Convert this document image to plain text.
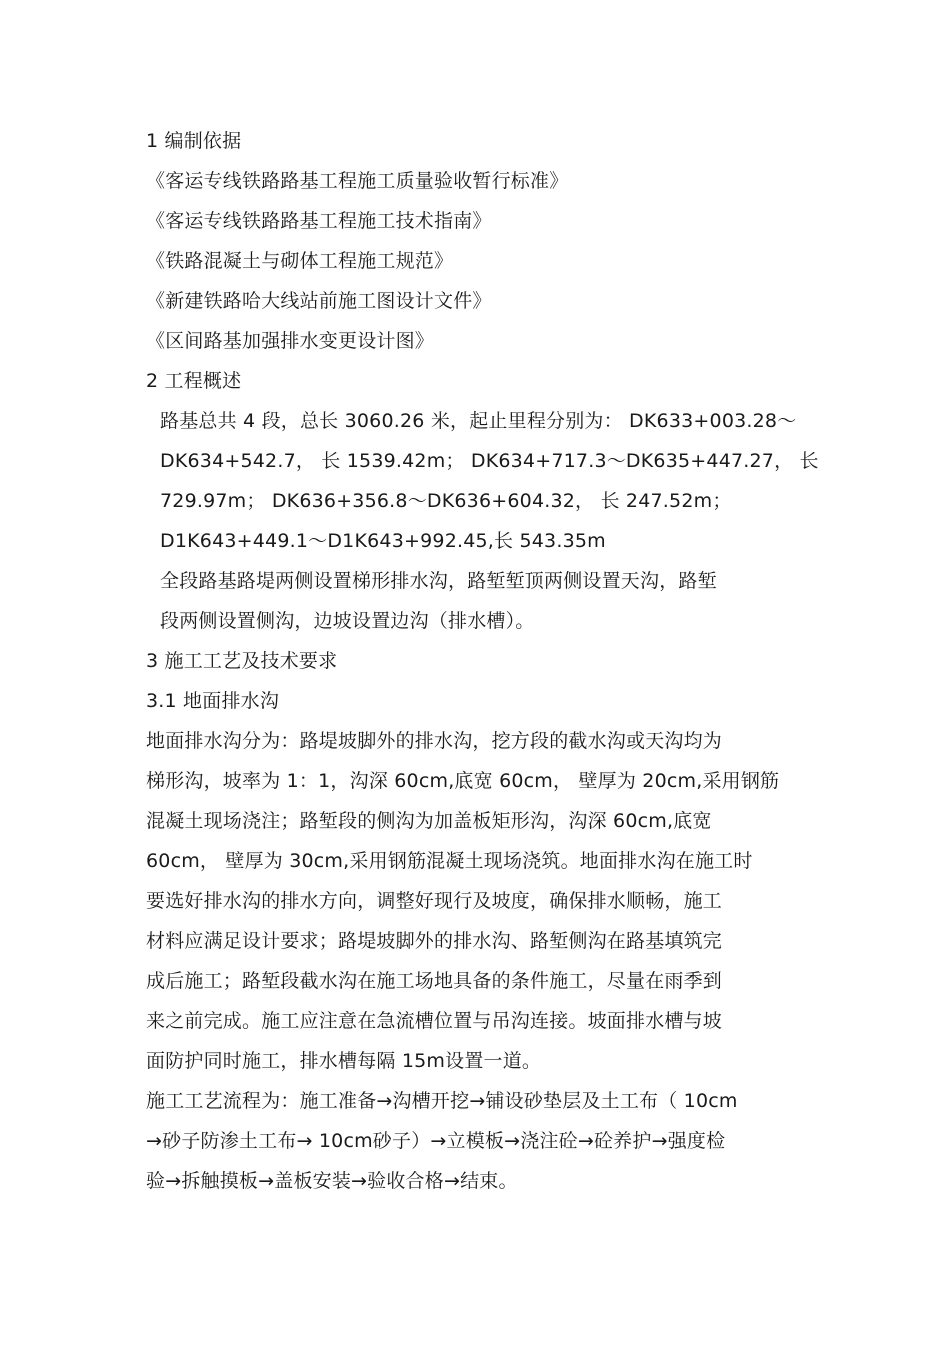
1 编制依据
《客运专线铁路路基工程施工质量验收暂行标准》
《客运专线铁路路基工程施工技术指南》
《铁路混凝土与砌体工程施工规范》
《新建铁路哈大线站前施工图设计文件》
《区间路基加强排水变更设计图》
2 工程概述
路基总共 4 段，总长 3060.26 米，起止里程分别为： DK633+003.28～
DK634+542.7， 长 1539.42m； DK634+717.3～DK635+447.27， 长
729.97m； DK636+356.8～DK636+604.32， 长 247.52m；
D1K643+449.1～D1K643+992.45,长 543.35m
全段路基路堤两侧设置梯形排水沟，路堑堑顶两侧设置天沟，路堑
段两侧设置侧沟，边坡设置边沟（排水槽）。
3 施工工艺及技术要求
3.1 地面排水沟
地面排水沟分为：路堤坡脚外的排水沟，挖方段的截水沟或天沟均为
梯形沟，坡率为 1：1，沟深 60cm,底宽 60cm， 壁厚为 20cm,采用钢筋
混凝土现场浇注；路堑段的侧沟为加盖板矩形沟，沟深 60cm,底宽
60cm， 壁厚为 30cm,采用钢筋混凝土现场浇筑。地面排水沟在施工时
要选好排水沟的排水方向，调整好现行及坡度，确保排水顺畅，施工
材料应满足设计要求；路堤坡脚外的排水沟、路堑侧沟在路基填筑完
成后施工；路堑段截水沟在施工场地具备的条件施工，尽量在雨季到
来之前完成。施工应注意在急流槽位置与吊沟连接。坡面排水槽与坡
面防护同时施工，排水槽每隔 15m设置一道。
施工工艺流程为：施工准备→沟槽开挖→铺设砂垫层及土工布（ 10cm
→砂子防渗土工布→ 10cm砂子）→立模板→浇注砼→砼养护→强度检
验→拆触摸板→盖板安装→验收合格→结束。
